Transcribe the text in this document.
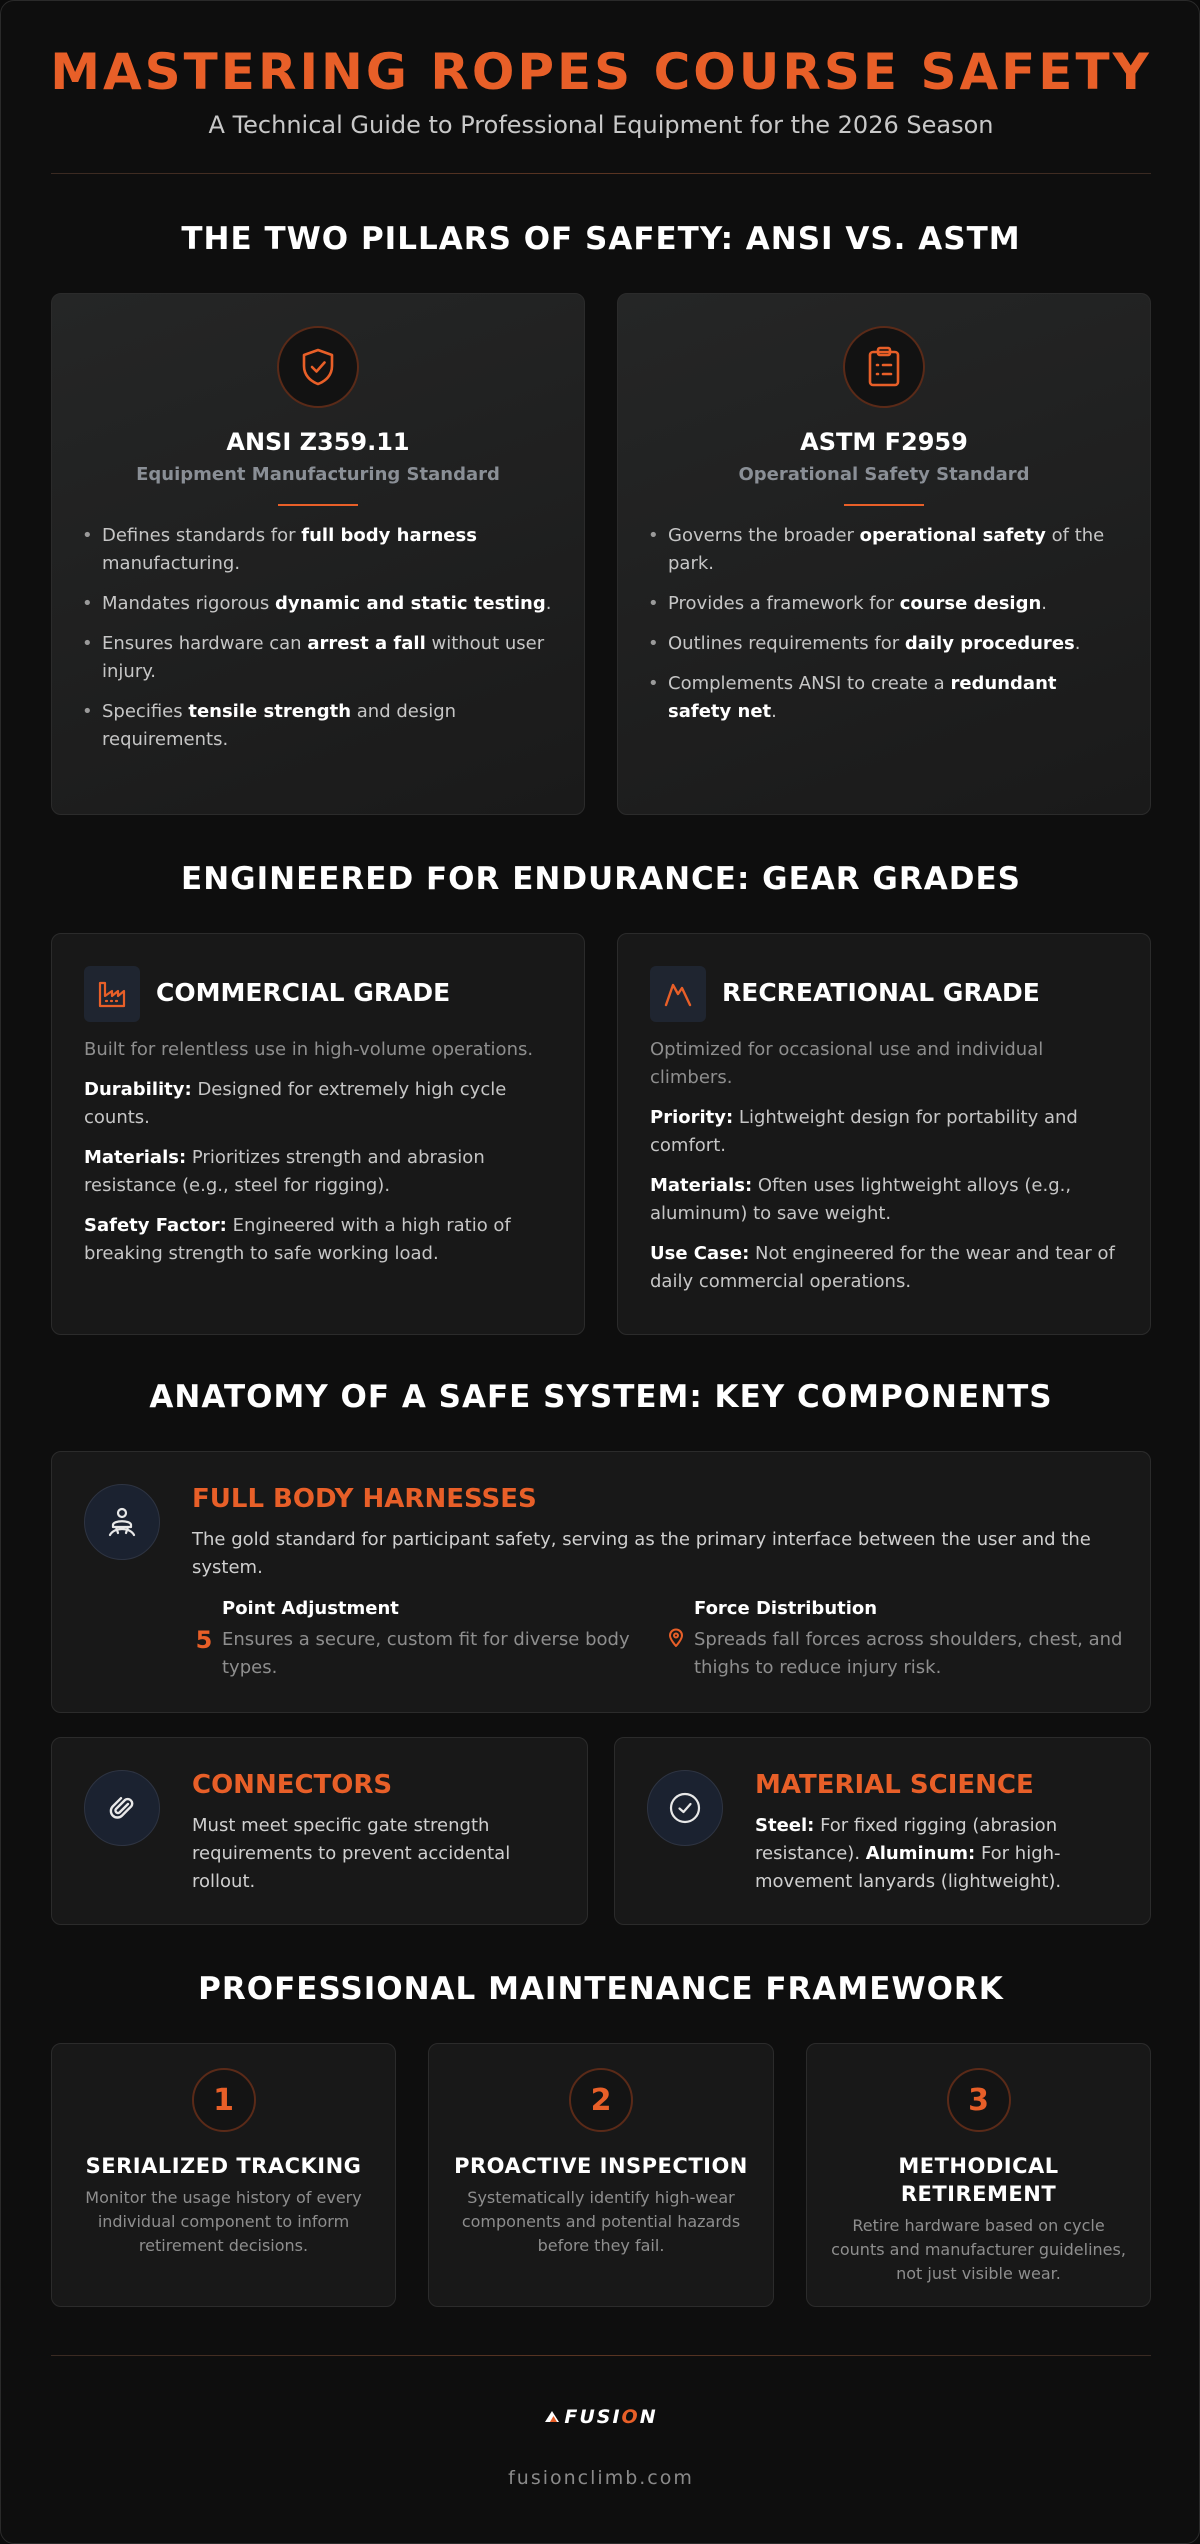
MASTERING ROPES COURSE SAFETY
A Technical Guide to Professional Equipment for the 2026 Season
THE TWO PILLARS OF SAFETY: ANSI VS. ASTM
ANSI Z359.11
Equipment Manufacturing Standard
• Defines standards for full body harness manufacturing.
• Mandates rigorous dynamic and static testing.
• Ensures hardware can arrest a fall without user injury.
• Specifies tensile strength and design requirements.
ASTM F2959
Operational Safety Standard
• Governs the broader operational safety of the park.
• Provides a framework for course design.
• Outlines requirements for daily procedures.
• Complements ANSI to create a redundant safety net.
ENGINEERED FOR ENDURANCE: GEAR GRADES
COMMERCIAL GRADE
Built for relentless use in high-volume operations.
Durability: Designed for extremely high cycle counts.
Materials: Prioritizes strength and abrasion resistance (e.g., steel for rigging).
Safety Factor: Engineered with a high ratio of breaking strength to safe working load.
RECREATIONAL GRADE
Optimized for occasional use and individual climbers.
Priority: Lightweight design for portability and comfort.
Materials: Often uses lightweight alloys (e.g., aluminum) to save weight.
Use Case: Not engineered for the wear and tear of daily commercial operations.
ANATOMY OF A SAFE SYSTEM: KEY COMPONENTS
FULL BODY HARNESSES
The gold standard for participant safety, serving as the primary interface between the user and the system.
5
Point Adjustment
Ensures a secure, custom fit for diverse body types.
Force Distribution
Spreads fall forces across shoulders, chest, and thighs to reduce injury risk.
CONNECTORS
Must meet specific gate strength requirements to prevent accidental rollout.
MATERIAL SCIENCE
Steel: For fixed rigging (abrasion resistance). Aluminum: For high-movement lanyards (lightweight).
PROFESSIONAL MAINTENANCE FRAMEWORK
1
SERIALIZED TRACKING
Monitor the usage history of every individual component to inform retirement decisions.
2
PROACTIVE INSPECTION
Systematically identify high-wear components and potential hazards before they fail.
3
METHODICAL RETIREMENT
Retire hardware based on cycle counts and manufacturer guidelines, not just visible wear.
FUSION
fusionclimb.com
